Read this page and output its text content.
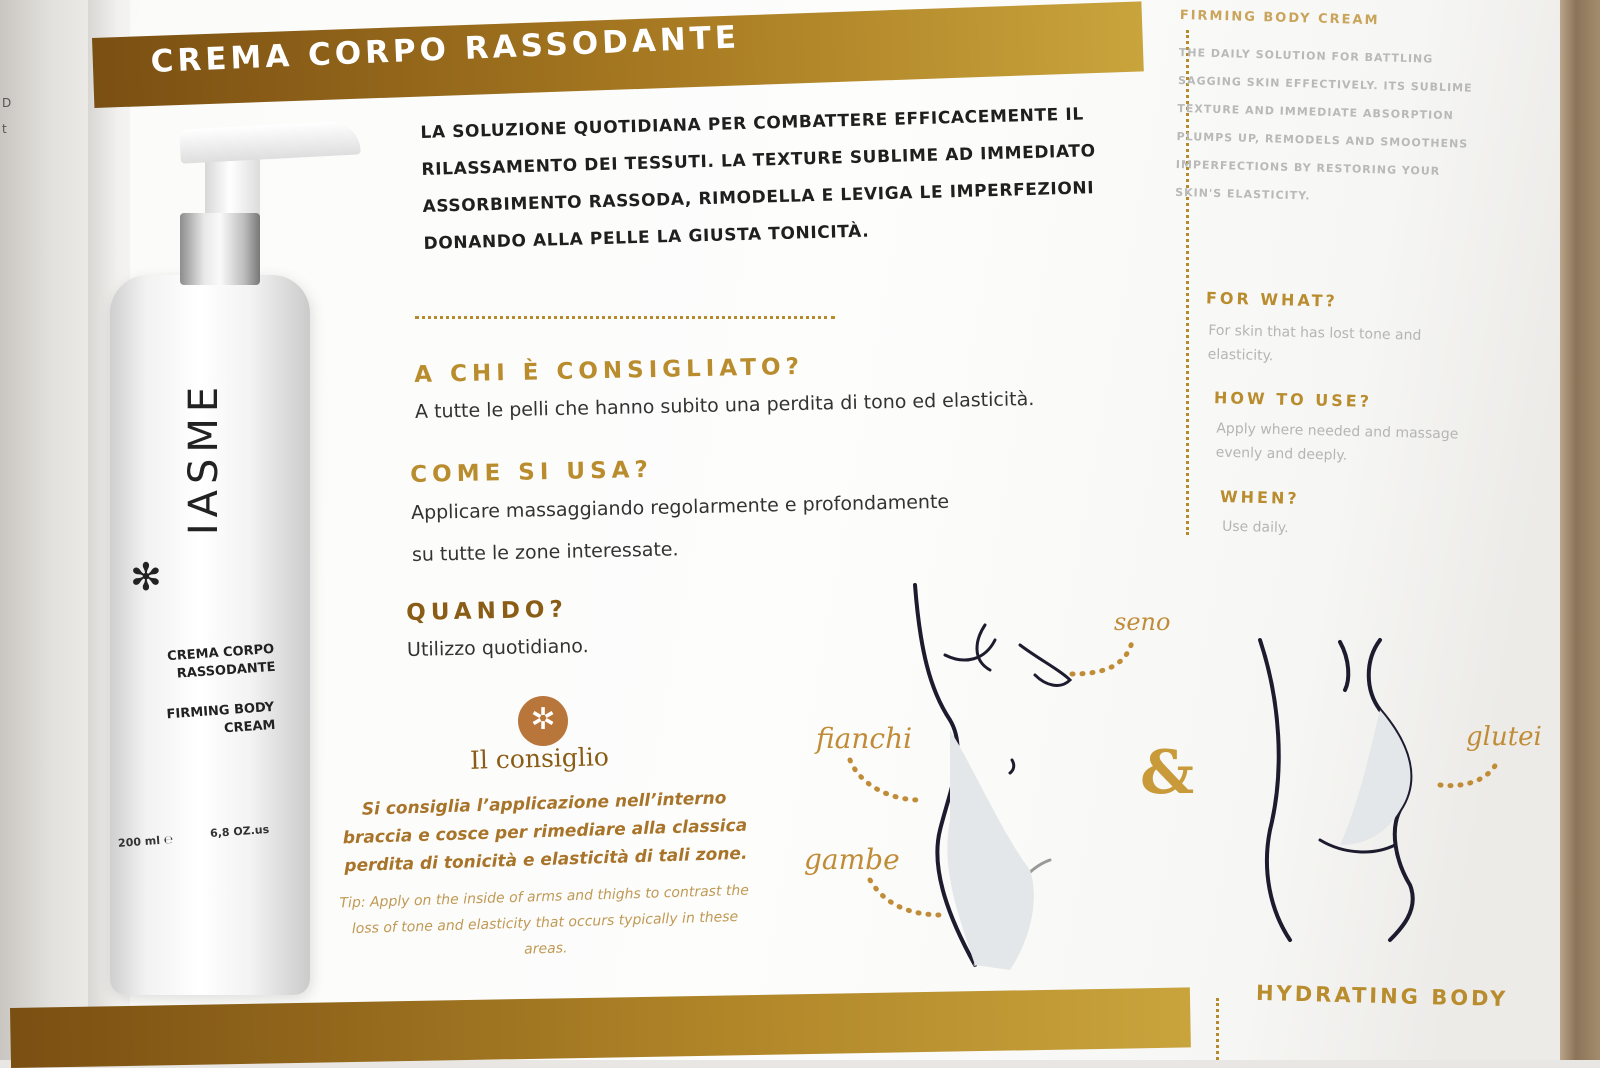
D
t
CREMA CORPO RASSODANTE
IASME
✻
CREMA CORPO RASSODANTE
FIRMING BODY CREAM
200 ml ℮
6,8 OZ.us
LA SOLUZIONE QUOTIDIANA PER COMBATTERE EFFICACEMENTE IL RILASSAMENTO DEI TESSUTI. LA TEXTURE SUBLIME AD IMMEDIATO ASSORBIMENTO RASSODA, RIMODELLA E LEVIGA LE IMPERFEZIONI DONANDO ALLA PELLE LA GIUSTA TONICITÀ.
A CHI È CONSIGLIATO?
A tutte le pelli che hanno subito una perdita di tono ed elasticità.
COME SI USA?
Applicare massaggiando regolarmente e profondamente
su tutte le zone interessate.
QUANDO?
Utilizzo quotidiano.
✲
Il consiglio
Si consiglia l’applicazione nell’interno braccia e cosce per rimediare alla classica perdita di tonicità e elasticità di tali zone.
Tip: Apply on the inside of arms and thighs to contrast the loss of tone and elasticity that occurs typically in these areas.
FIRMING BODY CREAM
THE DAILY SOLUTION FOR BATTLING SAGGING SKIN EFFECTIVELY. ITS SUBLIME TEXTURE AND IMMEDIATE ABSORPTION PLUMPS UP, REMODELS AND SMOOTHENS IMPERFECTIONS BY RESTORING YOUR SKIN'S ELASTICITY.
FOR WHAT?
For skin that has lost tone and elasticity.
HOW TO USE?
Apply where needed and massage evenly and deeply.
WHEN?
Use daily.
HYDRATING BODY
seno
fianchi
gambe
glutei
&
